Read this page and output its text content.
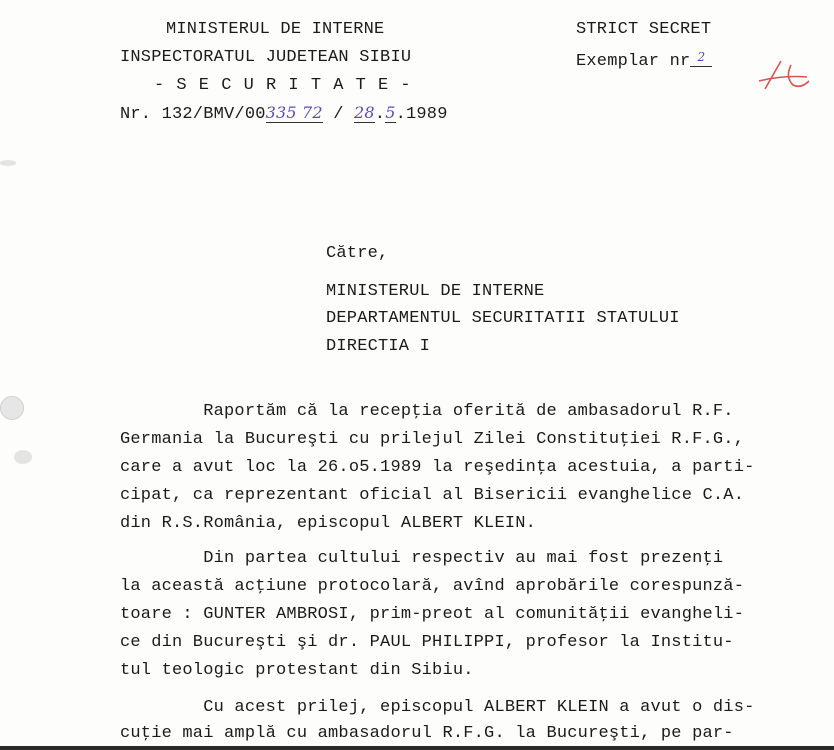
MINISTERUL DE INTERNE
INSPECTORATUL JUDETEAN SIBIU
- S E C U R I T A T E -
Nr. 132/BMV/00335 72 / 28.5.1989
STRICT SECRET
Exemplar nr 2
Către,
MINISTERUL DE INTERNE
DEPARTAMENTUL SECURITATII STATULUI
DIRECTIA I
Raportăm că la recepţia oferită de ambasadorul R.F.
Germania la Bucureşti cu prilejul Zilei Constituţiei R.F.G.,
care a avut loc la 26.o5.1989 la reşedinţa acestuia, a parti-
cipat, ca reprezentant oficial al Bisericii evanghelice C.A.
din R.S.România, episcopul ALBERT KLEIN.
Din partea cultului respectiv au mai fost prezenţi
la această acţiune protocolară, avînd aprobările corespunză-
toare : GUNTER AMBROSI, prim-preot al comunităţii evangheli-
ce din Bucureşti şi dr. PAUL PHILIPPI, profesor la Institu-
tul teologic protestant din Sibiu.
Cu acest prilej, episcopul ALBERT KLEIN a avut o dis-
cuţie mai amplă cu ambasadorul R.F.G. la Bucureşti, pe par-
